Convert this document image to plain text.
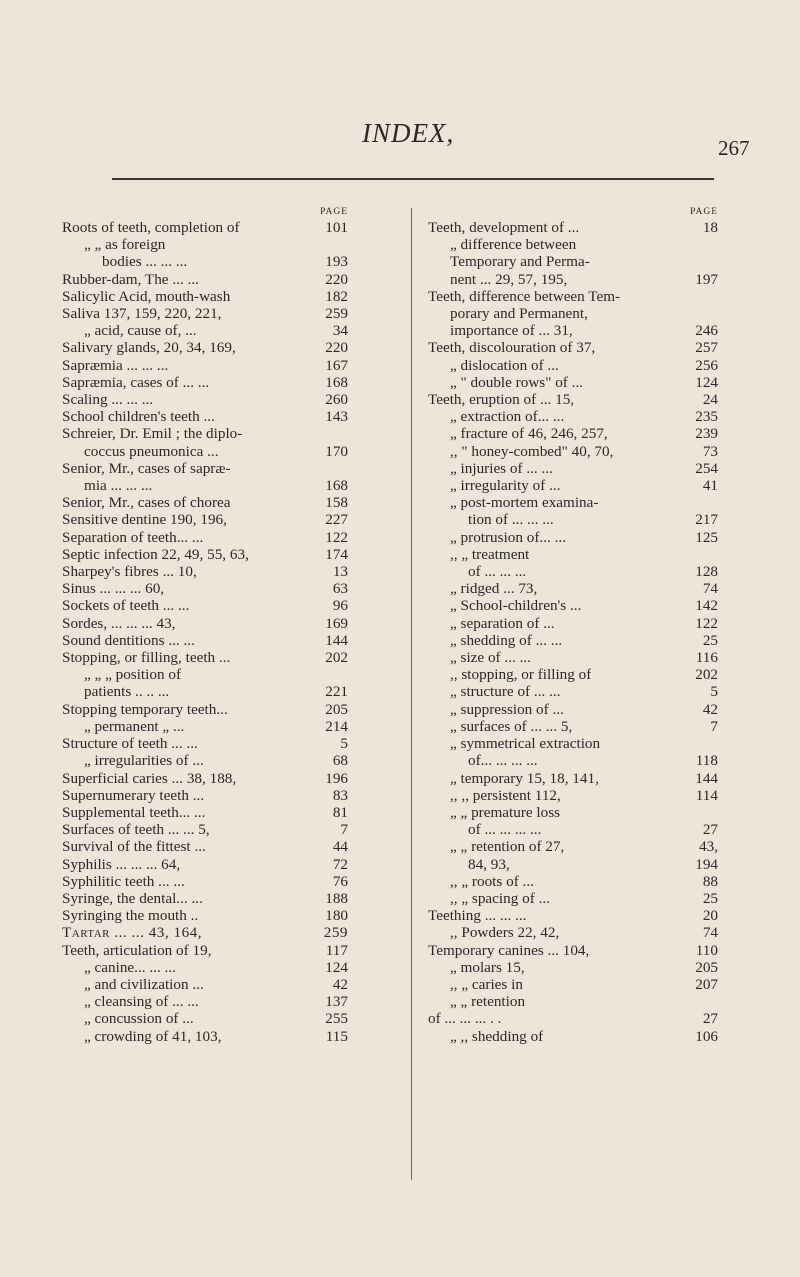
INDEX,	267
PAGE
Roots of teeth, completion of	101
„ „ as foreign
bodies ... ... ...	193
Rubber-dam, The ... ...	220
Salicylic Acid, mouth-wash	182
Saliva 137, 159, 220, 221,	259
„ acid, cause of, ...	34
Salivary glands, 20, 34, 169,	220
Sapræmia ... ... ...	167
Sapræmia, cases of ... ...	168
Scaling ... ... ...	260
School children's teeth ...	143
Schreier, Dr. Emil ; the diplo-
coccus pneumonica ...	170
Senior, Mr., cases of sapræ-
mia ... ... ...	168
Senior, Mr., cases of chorea	158
Sensitive dentine 190, 196,	227
Separation of teeth... ...	122
Septic infection 22, 49, 55, 63,	174
Sharpey's fibres ... 10,	13
Sinus ... ... ... 60,	63
Sockets of teeth ... ...	96
Sordes, ... ... ... 43,	169
Sound dentitions ... ...	144
Stopping, or filling, teeth ...	202
„ „ „ position of
patients .. .. ...	221
Stopping temporary teeth...	205
„ permanent „ ...	214
Structure of teeth ... ...	5
„ irregularities of ...	68
Superficial caries ... 38, 188,	196
Supernumerary teeth ...	83
Supplemental teeth... ...	81
Surfaces of teeth ... ... 5,	7
Survival of the fittest ...	44
Syphilis ... ... ... 64,	72
Syphilitic teeth ... ...	76
Syringe, the dental... ...	188
Syringing the mouth ..	180
Tartar ... ... 43, 164,	259
Teeth, articulation of 19,	117
„ canine... ... ...	124
„ and civilization ...	42
„ cleansing of ... ...	137
„ concussion of ...	255
„ crowding of 41, 103,	115
PAGE
Teeth, development of ...	18
„ difference between
Temporary and Perma-
nent ... 29, 57, 195,	197
Teeth, difference between Tem-
porary and Permanent,
importance of ... 31,	246
Teeth, discolouration of 37,	257
„ dislocation of ...	256
„ " double rows" of ...	124
Teeth, eruption of ... 15,	24
„ extraction of... ...	235
„ fracture of 46, 246, 257,	239
,, " honey-combed" 40, 70,	73
„ injuries of ... ...	254
„ irregularity of ...	41
„ post-mortem examina-
tion of ... ... ...	217
„ protrusion of... ...	125
,, „ treatment
of ... ... ...	128
„ ridged ... 73,	74
„ School-children's ...	142
„ separation of ...	122
„ shedding of ... ...	25
„ size of ... ...	116
,, stopping, or filling of	202
„ structure of ... ...	5
„ suppression of ...	42
„ surfaces of ... ... 5,	7
„ symmetrical extraction
of... ... ... ...	118
„ temporary 15, 18, 141,	144
,, ,, persistent 112,	114
„ „ premature loss
of ... ... ... ...	27
„ „ retention of 27,	43,
84, 93,	194
,, „ roots of ...	88
,, „ spacing of ...	25
Teething ... ... ...	20
,, Powders 22, 42,	74
Temporary canines ... 104,	110
„ molars 15,	205
,, „ caries in	207
„ „ retention
of ... ... ... . .	27
„ ,, shedding of	106
